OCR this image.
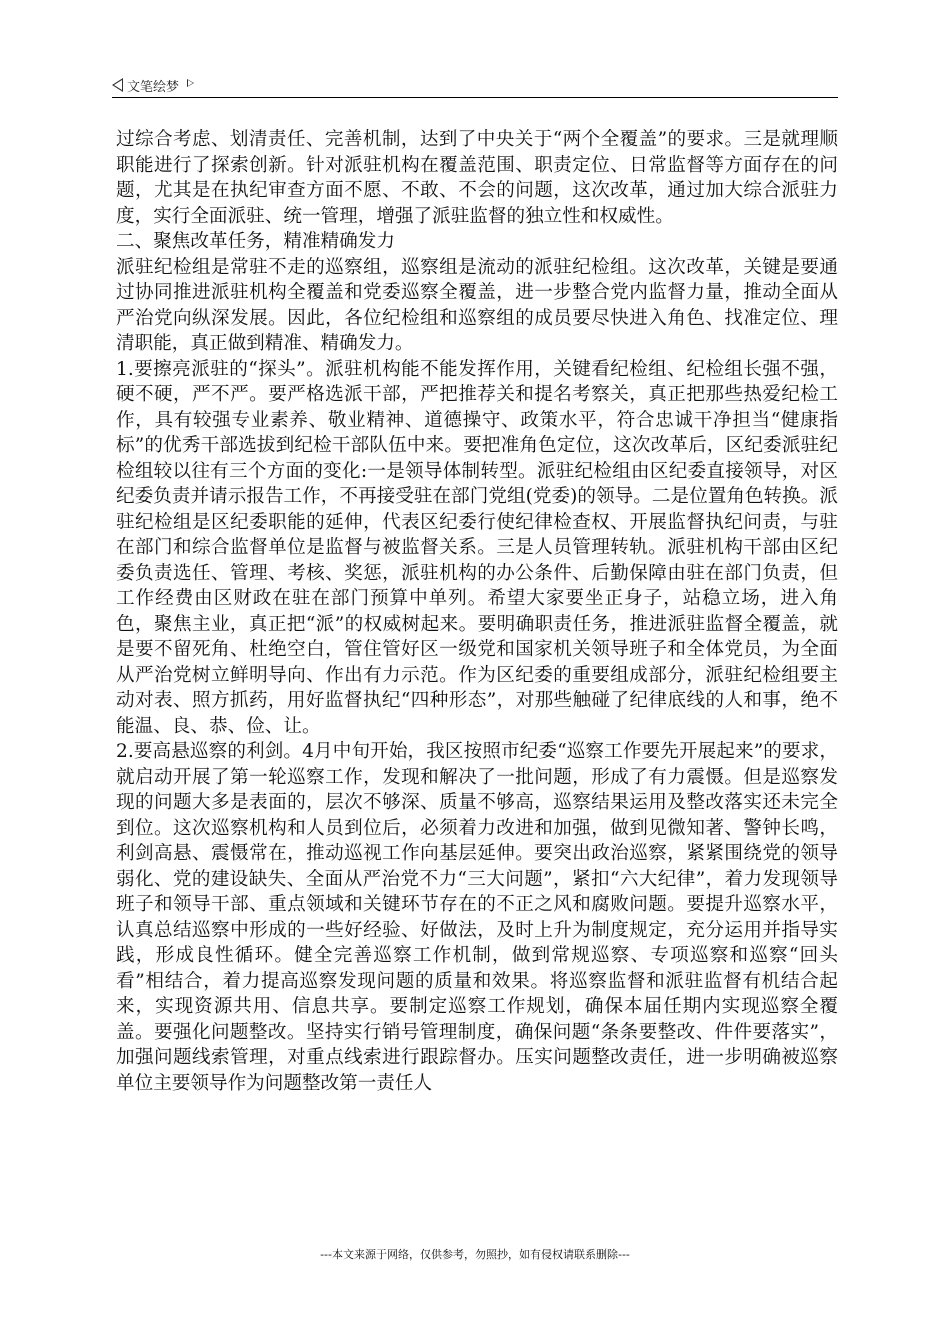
文笔绘梦

过综合考虑、划清责任、完善机制，达到了中央关于“两个全覆盖”的要求。三是就理顺职能进行了探索创新。针对派驻机构在覆盖范围、职责定位、日常监督等方面存在的问题，尤其是在执纪审查方面不愿、不敢、不会的问题，这次改革，通过加大综合派驻力度，实行全面派驻、统一管理，增强了派驻监督的独立性和权威性。

二、聚焦改革任务，精准精确发力

派驻纪检组是常驻不走的巡察组，巡察组是流动的派驻纪检组。这次改革，关键是要通过协同推进派驻机构全覆盖和党委巡察全覆盖，进一步整合党内监督力量，推动全面从严治党向纵深发展。因此，各位纪检组和巡察组的成员要尽快进入角色、找准定位、理清职能，真正做到精准、精确发力。

1.要擦亮派驻的“探头”。派驻机构能不能发挥作用，关键看纪检组、纪检组长强不强，硬不硬，严不严。要严格选派干部，严把推荐关和提名考察关，真正把那些热爱纪检工作，具有较强专业素养、敬业精神、道德操守、政策水平，符合忠诚干净担当“健康指标”的优秀干部选拔到纪检干部队伍中来。要把准角色定位，这次改革后，区纪委派驻纪检组较以往有三个方面的变化:一是领导体制转型。派驻纪检组由区纪委直接领导，对区纪委负责并请示报告工作，不再接受驻在部门党组(党委)的领导。二是位置角色转换。派驻纪检组是区纪委职能的延伸，代表区纪委行使纪律检查权、开展监督执纪问责，与驻在部门和综合监督单位是监督与被监督关系。三是人员管理转轨。派驻机构干部由区纪委负责选任、管理、考核、奖惩，派驻机构的办公条件、后勤保障由驻在部门负责，但工作经费由区财政在驻在部门预算中单列。希望大家要坐正身子，站稳立场，进入角色，聚焦主业，真正把“派”的权威树起来。要明确职责任务，推进派驻监督全覆盖，就是要不留死角、杜绝空白，管住管好区一级党和国家机关领导班子和全体党员，为全面从严治党树立鲜明导向、作出有力示范。作为区纪委的重要组成部分，派驻纪检组要主动对表、照方抓药，用好监督执纪“四种形态”，对那些触碰了纪律底线的人和事，绝不能温、良、恭、俭、让。

2.要高悬巡察的利剑。4月中旬开始，我区按照市纪委“巡察工作要先开展起来”的要求，就启动开展了第一轮巡察工作，发现和解决了一批问题，形成了有力震慑。但是巡察发现的问题大多是表面的，层次不够深、质量不够高，巡察结果运用及整改落实还未完全到位。这次巡察机构和人员到位后，必须着力改进和加强，做到见微知著、警钟长鸣，利剑高悬、震慑常在，推动巡视工作向基层延伸。要突出政治巡察，紧紧围绕党的领导弱化、党的建设缺失、全面从严治党不力“三大问题”，紧扣“六大纪律”，着力发现领导班子和领导干部、重点领域和关键环节存在的不正之风和腐败问题。要提升巡察水平，认真总结巡察中形成的一些好经验、好做法，及时上升为制度规定，充分运用并指导实践，形成良性循环。健全完善巡察工作机制，做到常规巡察、专项巡察和巡察“回头看”相结合，着力提高巡察发现问题的质量和效果。将巡察监督和派驻监督有机结合起来，实现资源共用、信息共享。要制定巡察工作规划，确保本届任期内实现巡察全覆盖。要强化问题整改。坚持实行销号管理制度，确保问题“条条要整改、件件要落实”，加强问题线索管理，对重点线索进行跟踪督办。压实问题整改责任，进一步明确被巡察单位主要领导作为问题整改第一责任人

---本文来源于网络，仅供参考，勿照抄，如有侵权请联系删除---
